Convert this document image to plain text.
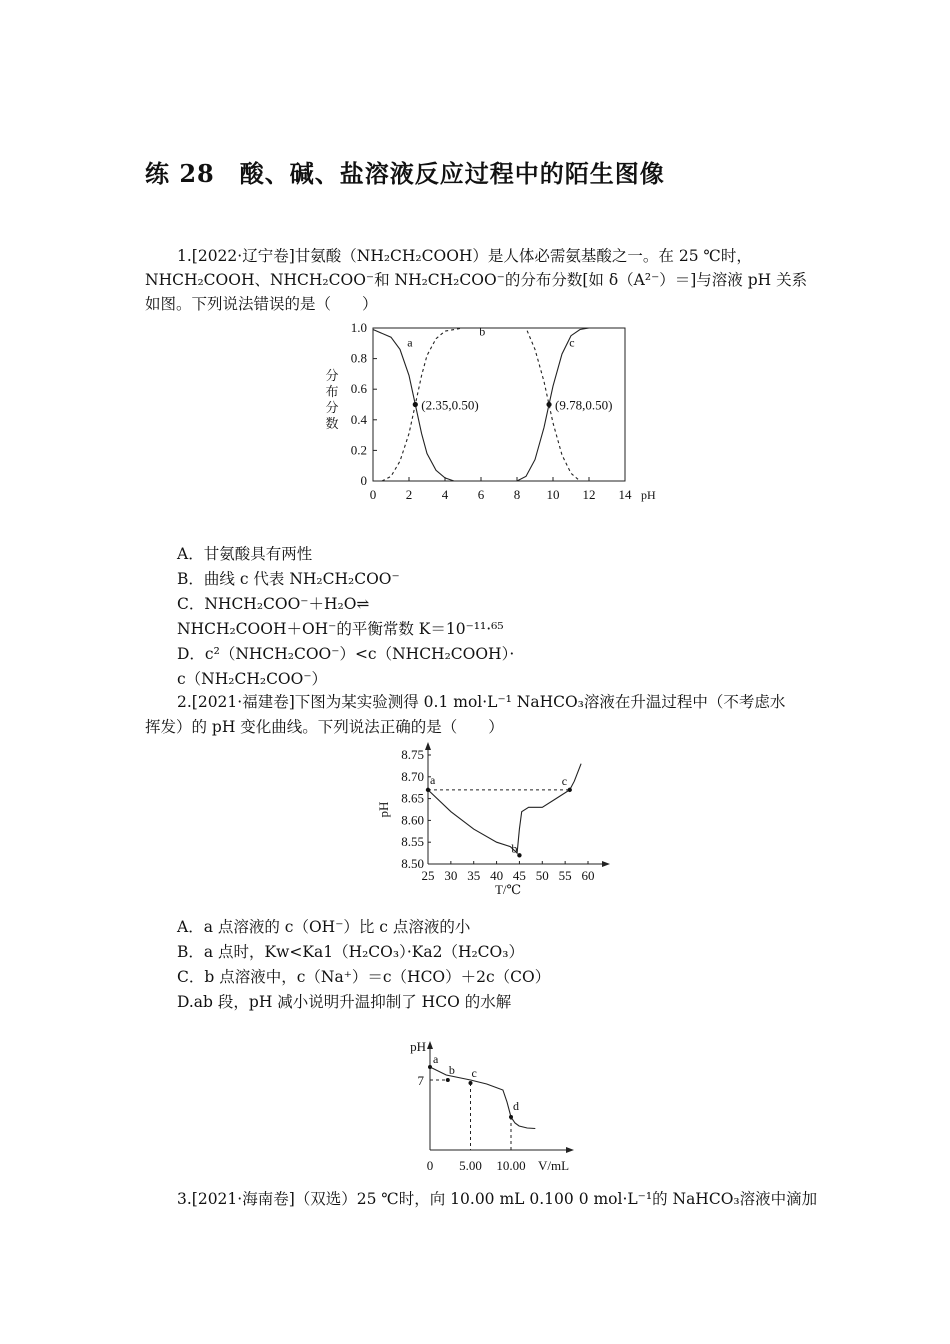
练 28　酸、碱、盐溶液反应过程中的陌生图像
1.[2022·辽宁卷]甘氨酸（NH₂CH₂COOH）是人体必需氨基酸之一。在 25 ℃时，
NHCH₂COOH、NHCH₂COO⁻和 NH₂CH₂COO⁻的分布分数[如 δ（A²⁻）＝]与溶液 pH 关系
如图。下列说法错误的是（　　）
0 2 4 6 8 10 12 14
0
0.2
0.4
0.6
0.8
1.0
pH
分
布
分
数
a
b
c
(2.35,0.50)	(9.78,0.50)
A．甘氨酸具有两性
B．曲线 c 代表 NH₂CH₂COO⁻
C．NHCH₂COO⁻＋H₂O⇌
NHCH₂COOH＋OH⁻的平衡常数 K＝10⁻¹¹·⁶⁵
D．c²（NHCH₂COO⁻）<c（NHCH₂COOH）·
c（NH₂CH₂COO⁻）
2.[2021·福建卷]下图为某实验测得 0.1 mol·L⁻¹ NaHCO₃溶液在升温过程中（不考虑水
挥发）的 pH 变化曲线。下列说法正确的是（　　）
25 30 35 40 45 50 55 60
8.50
8.55
8.60
8.65
8.70
8.75
T/℃
pH
a
b
c
A．a 点溶液的 c（OH⁻）比 c 点溶液的小
B．a 点时，Kw<Ka1（H₂CO₃）·Ka2（H₂CO₃）
C．b 点溶液中，c（Na⁺）＝c（HCO）＋2c（CO）
D.ab 段，pH 减小说明升温抑制了 HCO 的水解
pH
V/mL
0 5.00 10.00
7
a
b c
d
3.[2021·海南卷]（双选）25 ℃时，向 10.00 mL 0.100 0 mol·L⁻¹的 NaHCO₃溶液中滴加
